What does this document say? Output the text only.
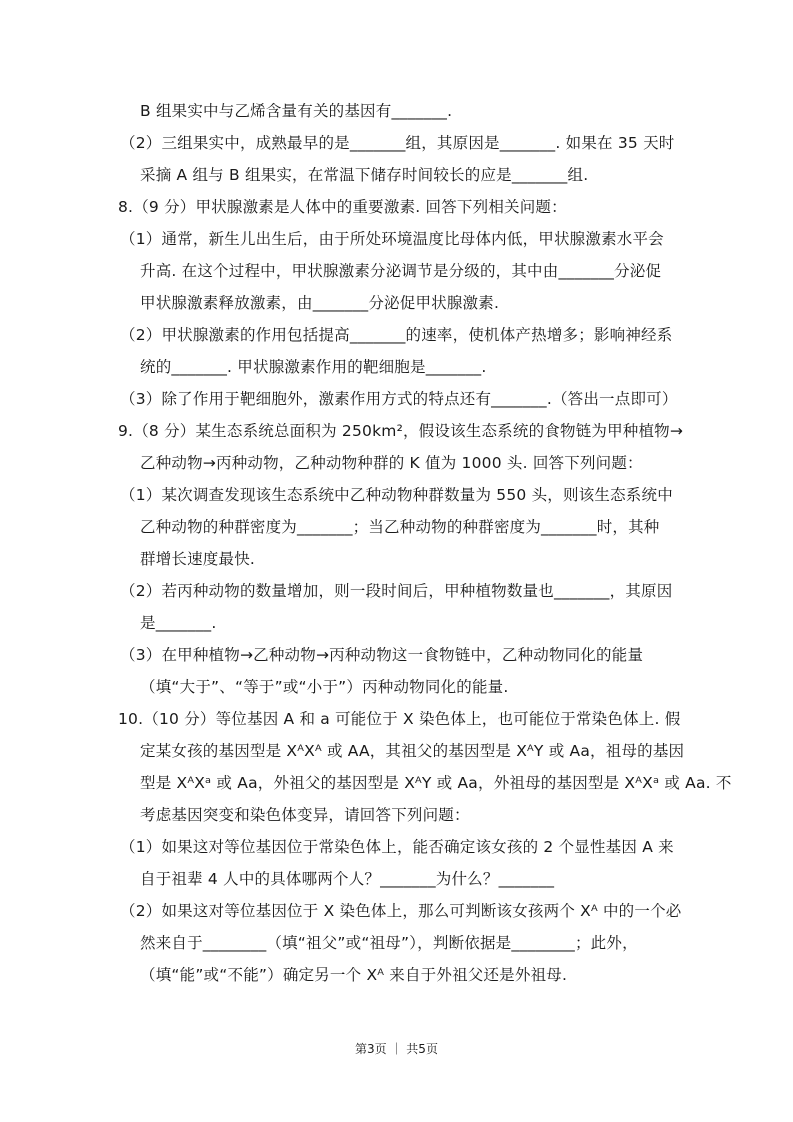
B 组果实中与乙烯含量有关的基因有_______.
（2）三组果实中，成熟最早的是_______组，其原因是_______. 如果在 35 天时
采摘 A 组与 B 组果实，在常温下储存时间较长的应是_______组.
8.（9 分）甲状腺激素是人体中的重要激素. 回答下列相关问题：
（1）通常，新生儿出生后，由于所处环境温度比母体内低，甲状腺激素水平会
升高. 在这个过程中，甲状腺激素分泌调节是分级的，其中由_______分泌促
甲状腺激素释放激素，由_______分泌促甲状腺激素.
（2）甲状腺激素的作用包括提高_______的速率，使机体产热增多；影响神经系
统的_______. 甲状腺激素作用的靶细胞是_______.
（3）除了作用于靶细胞外，激素作用方式的特点还有_______.（答出一点即可）
9.（8 分）某生态系统总面积为 250km²，假设该生态系统的食物链为甲种植物→
乙种动物→丙种动物，乙种动物种群的 K 值为 1000 头. 回答下列问题：
（1）某次调查发现该生态系统中乙种动物种群数量为 550 头，则该生态系统中
乙种动物的种群密度为_______；当乙种动物的种群密度为_______时，其种
群增长速度最快.
（2）若丙种动物的数量增加，则一段时间后，甲种植物数量也_______，其原因
是_______.
（3）在甲种植物→乙种动物→丙种动物这一食物链中，乙种动物同化的能量
（填“大于”、“等于”或“小于”）丙种动物同化的能量.
10.（10 分）等位基因 A 和 a 可能位于 X 染色体上，也可能位于常染色体上. 假
定某女孩的基因型是 XᴬXᴬ 或 AA，其祖父的基因型是 XᴬY 或 Aa，祖母的基因
型是 XᴬXᵃ 或 Aa，外祖父的基因型是 XᴬY 或 Aa，外祖母的基因型是 XᴬXᵃ 或 Aa. 不
考虑基因突变和染色体变异，请回答下列问题：
（1）如果这对等位基因位于常染色体上，能否确定该女孩的 2 个显性基因 A 来
自于祖辈 4 人中的具体哪两个人？_______为什么？_______
（2）如果这对等位基因位于 X 染色体上，那么可判断该女孩两个 Xᴬ 中的一个必
然来自于________（填“祖父”或“祖母”），判断依据是________；此外，
（填“能”或“不能”）确定另一个 Xᴬ 来自于外祖父还是外祖母.
第3页 ｜ 共5页
